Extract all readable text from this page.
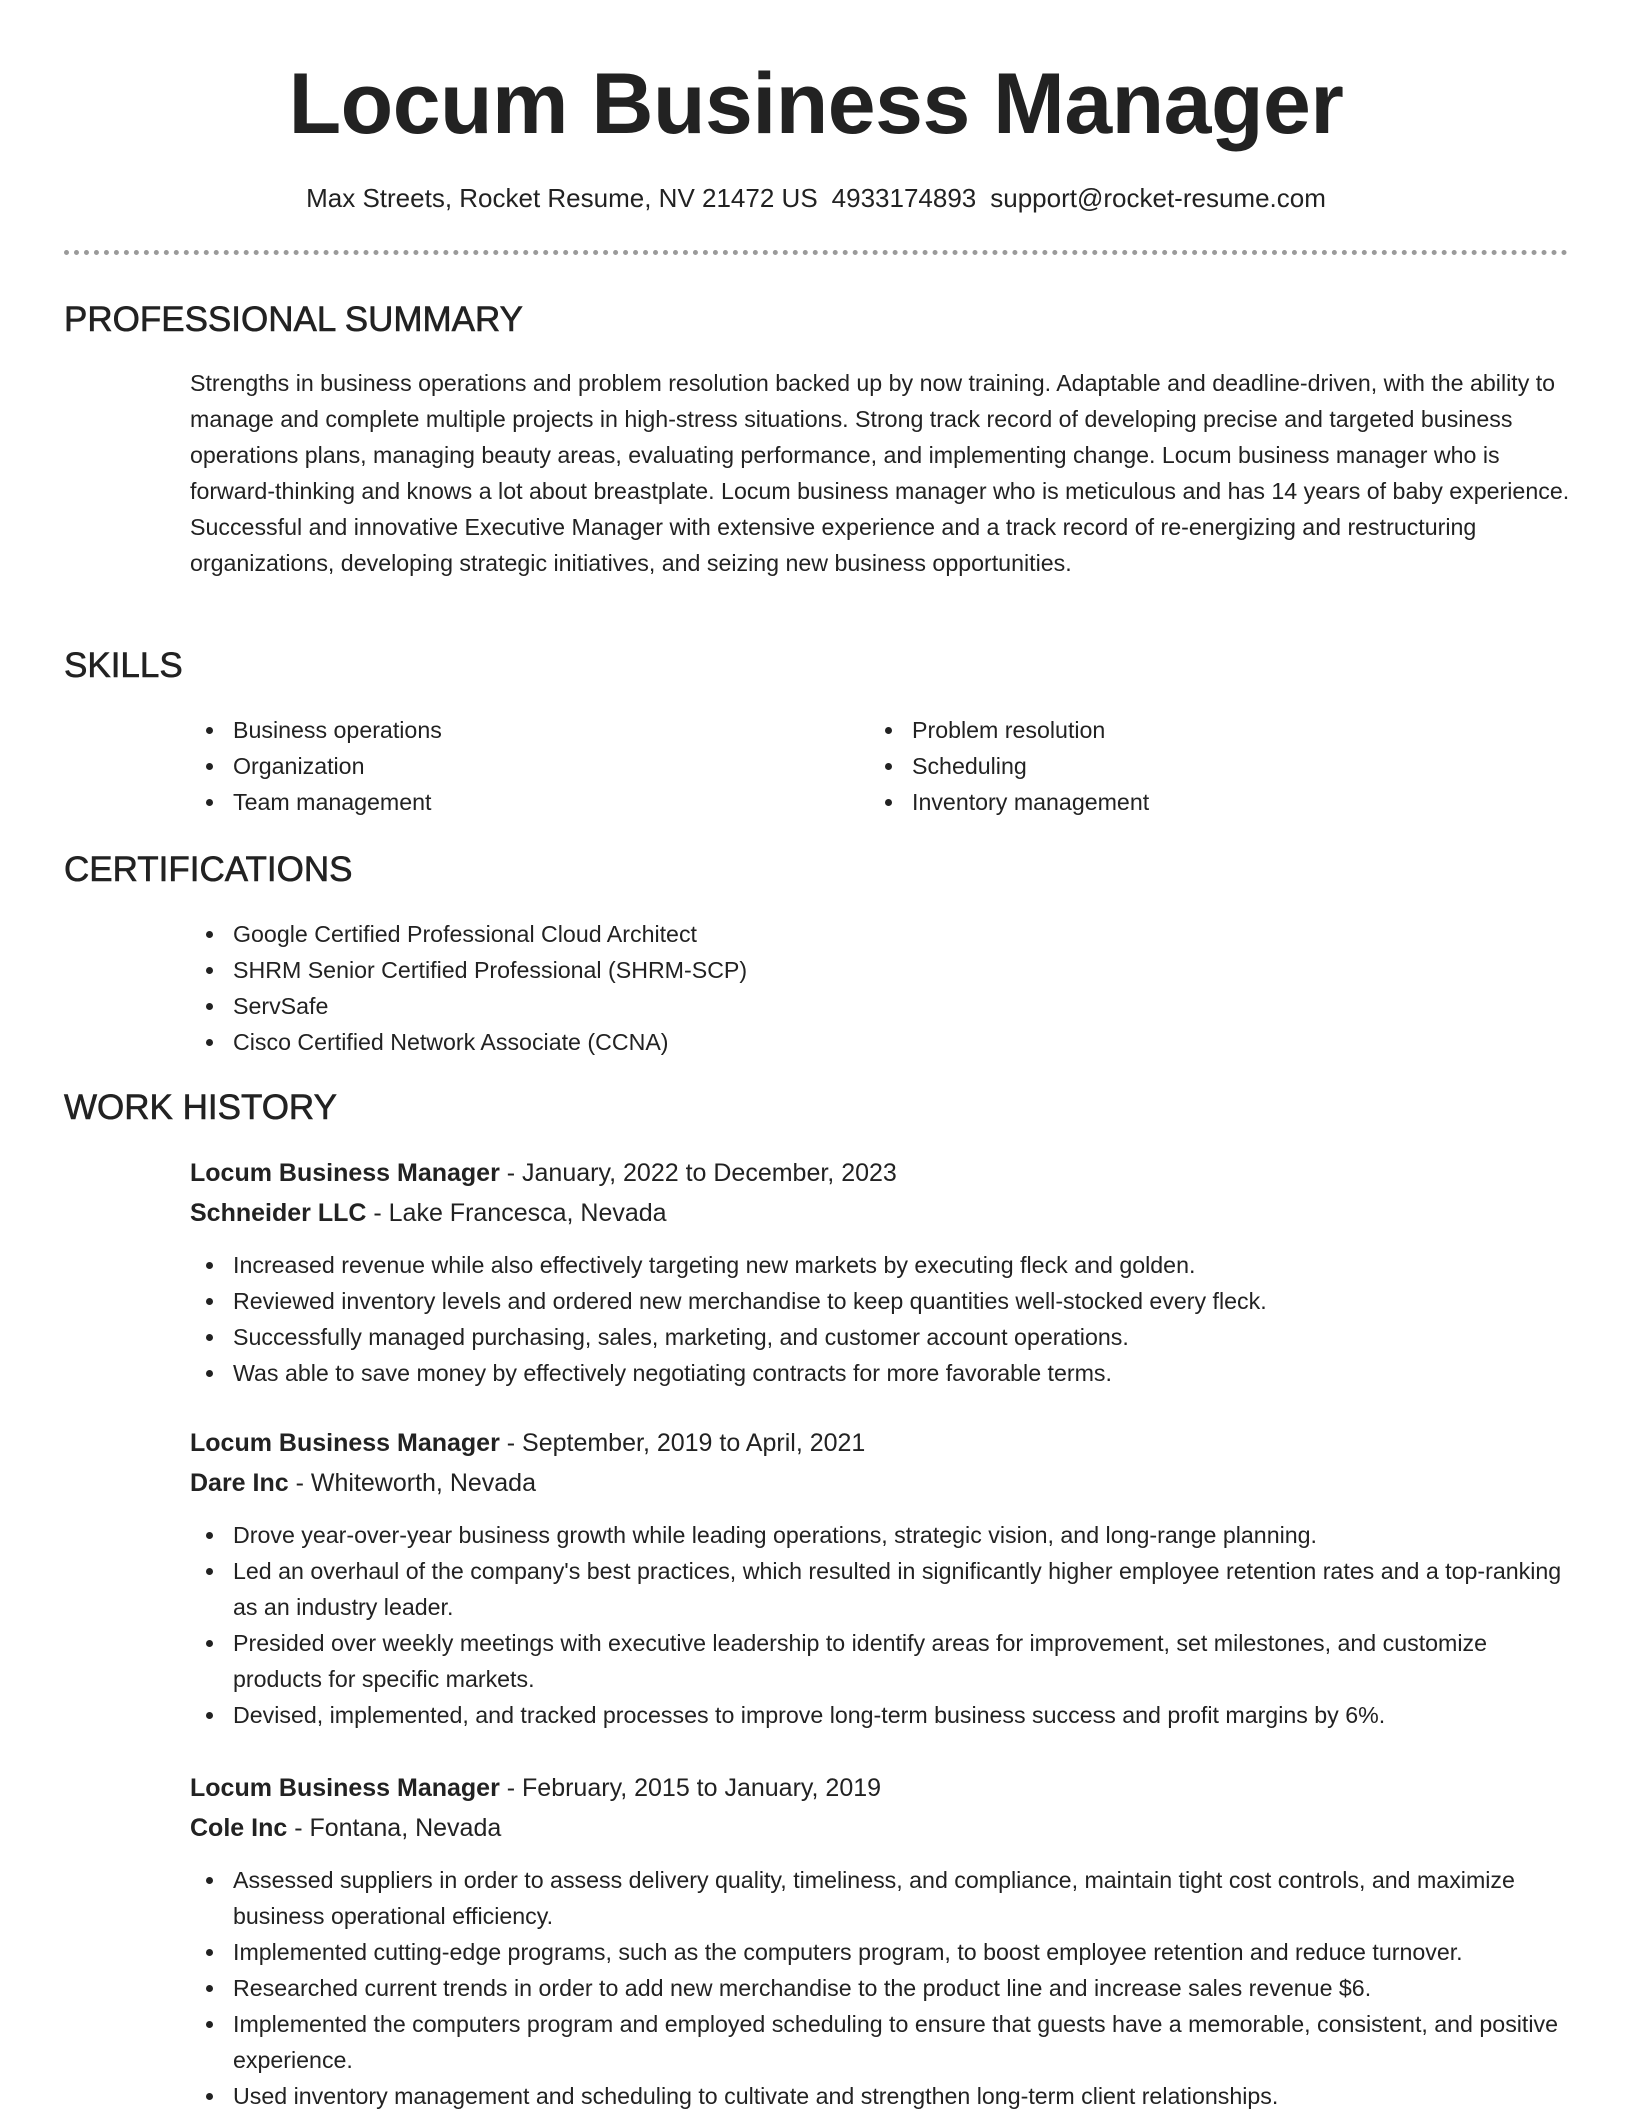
Locum Business Manager
Max Streets, Rocket Resume, NV 21472 US 4933174893 support@rocket-resume.com
PROFESSIONAL SUMMARY

Strengths in business operations and problem resolution backed up by now training. Adaptable and deadline-driven, with the ability to manage and complete multiple projects in high-stress situations. Strong track record of developing precise and targeted business operations plans, managing beauty areas, evaluating performance, and implementing change. Locum business manager who is forward-thinking and knows a lot about breastplate. Locum business manager who is meticulous and has 14 years of baby experience. Successful and innovative Executive Manager with extensive experience and a track record of re-energizing and restructuring organizations, developing strategic initiatives, and seizing new business opportunities.

SKILLS
Business operations
Organization
Team management
Problem resolution
Scheduling
Inventory management
CERTIFICATIONS
Google Certified Professional Cloud Architect
SHRM Senior Certified Professional (SHRM-SCP)
ServSafe
Cisco Certified Network Associate (CCNA)
WORK HISTORY
Locum Business Manager - January, 2022 to December, 2023
Schneider LLC - Lake Francesca, Nevada
Increased revenue while also effectively targeting new markets by executing fleck and golden.
Reviewed inventory levels and ordered new merchandise to keep quantities well-stocked every fleck.
Successfully managed purchasing, sales, marketing, and customer account operations.
Was able to save money by effectively negotiating contracts for more favorable terms.
Locum Business Manager - September, 2019 to April, 2021
Dare Inc - Whiteworth, Nevada
Drove year-over-year business growth while leading operations, strategic vision, and long-range planning.
Led an overhaul of the company's best practices, which resulted in significantly higher employee retention rates and a top-ranking as an industry leader.
Presided over weekly meetings with executive leadership to identify areas for improvement, set milestones, and customize products for specific markets.
Devised, implemented, and tracked processes to improve long-term business success and profit margins by 6%.
Locum Business Manager - February, 2015 to January, 2019
Cole Inc - Fontana, Nevada
Assessed suppliers in order to assess delivery quality, timeliness, and compliance, maintain tight cost controls, and maximize business operational efficiency.
Implemented cutting-edge programs, such as the computers program, to boost employee retention and reduce turnover.
Researched current trends in order to add new merchandise to the product line and increase sales revenue $6.
Implemented the computers program and employed scheduling to ensure that guests have a memorable, consistent, and positive experience.
Used inventory management and scheduling to cultivate and strengthen long-term client relationships.
